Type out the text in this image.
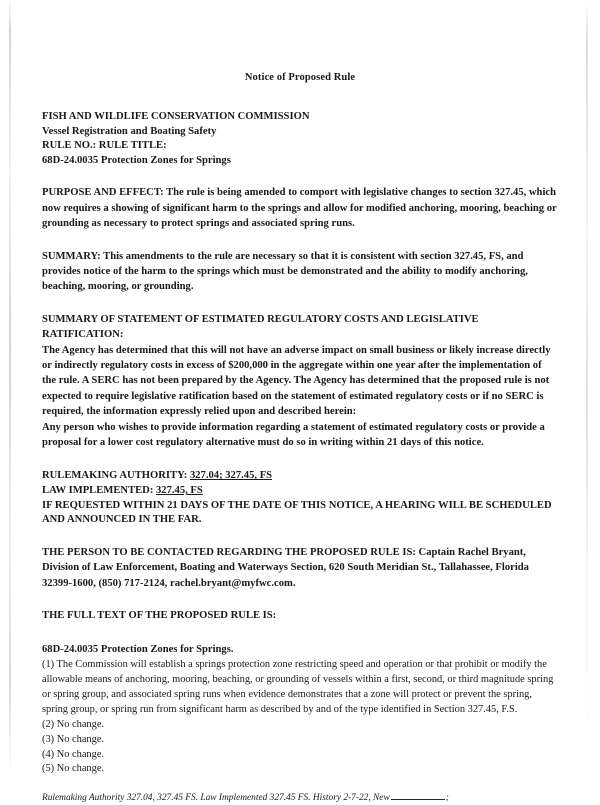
Notice of Proposed Rule
FISH AND WILDLIFE CONSERVATION COMMISSION
Vessel Registration and Boating Safety
RULE NO.: RULE TITLE:
68D-24.0035 Protection Zones for Springs
PURPOSE AND EFFECT: The rule is being amended to comport with legislative changes to section 327.45, which now requires a showing of significant harm to the springs and allow for modified anchoring, mooring, beaching or grounding as necessary to protect springs and associated spring runs.
SUMMARY: This amendments to the rule are necessary so that it is consistent with section 327.45, FS, and provides notice of the harm to the springs which must be demonstrated and the ability to modify anchoring, beaching, mooring, or grounding.
SUMMARY OF STATEMENT OF ESTIMATED REGULATORY COSTS AND LEGISLATIVE RATIFICATION:
The Agency has determined that this will not have an adverse impact on small business or likely increase directly or indirectly regulatory costs in excess of $200,000 in the aggregate within one year after the implementation of the rule. A SERC has not been prepared by the Agency. The Agency has determined that the proposed rule is not expected to require legislative ratification based on the statement of estimated regulatory costs or if no SERC is required, the information expressly relied upon and described herein:
Any person who wishes to provide information regarding a statement of estimated regulatory costs or provide a proposal for a lower cost regulatory alternative must do so in writing within 21 days of this notice.
RULEMAKING AUTHORITY: 327.04; 327.45, FS
LAW IMPLEMENTED: 327.45, FS
IF REQUESTED WITHIN 21 DAYS OF THE DATE OF THIS NOTICE, A HEARING WILL BE SCHEDULED AND ANNOUNCED IN THE FAR.
THE PERSON TO BE CONTACTED REGARDING THE PROPOSED RULE IS: Captain Rachel Bryant, Division of Law Enforcement, Boating and Waterways Section, 620 South Meridian St., Tallahassee, Florida 32399-1600, (850) 717-2124, rachel.bryant@myfwc.com.
THE FULL TEXT OF THE PROPOSED RULE IS:
68D-24.0035 Protection Zones for Springs.
(1) The Commission will establish a springs protection zone restricting speed and operation or that prohibit or modify the allowable means of anchoring, mooring, beaching, or grounding of vessels within a first, second, or third magnitude spring or spring group, and associated spring runs when evidence demonstrates that a zone will protect or prevent the spring, spring group, or spring run from significant harm as described by and of the type identified in Section 327.45, F.S.
(2) No change.
(3) No change.
(4) No change.
(5) No change.
Rulemaking Authority 327.04, 327.45 FS. Law Implemented 327.45 FS. History 2-7-22, New	;
